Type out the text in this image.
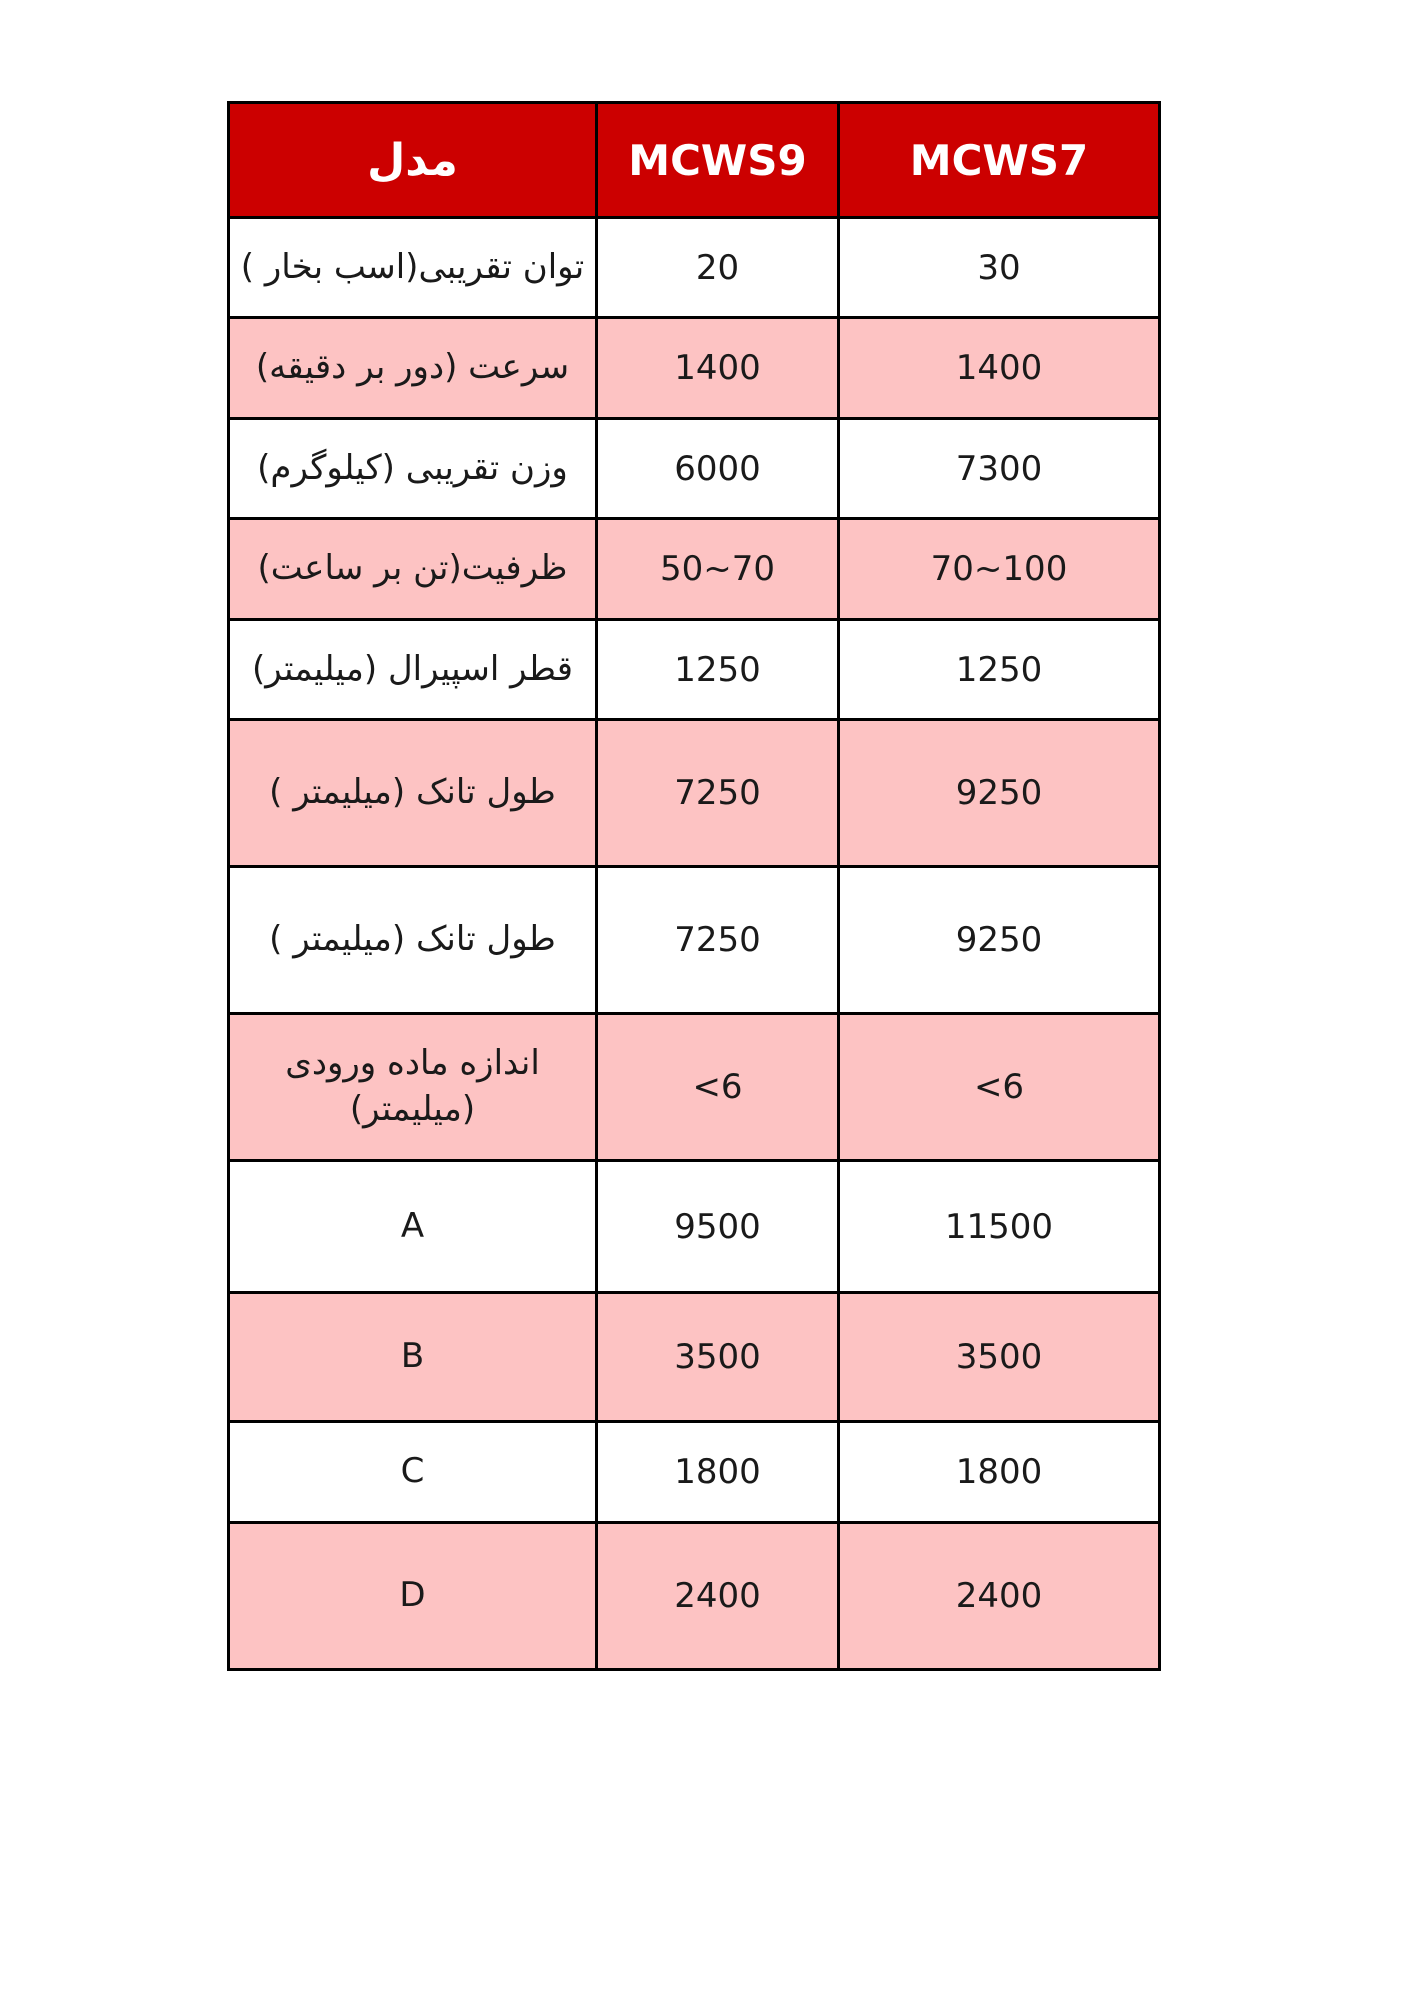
مدل	MCWS9	MCWS7
توان تقریبی(اسب بخار )	20	30
سرعت (دور بر دقیقه)	1400	1400
وزن تقریبی (کیلوگرم)	6000	7300
ظرفیت(تن بر ساعت)	50~70	70~100
قطر اسپیرال (میلیمتر)	1250	1250
طول تانک (میلیمتر )	7250	9250
طول تانک (میلیمتر )	7250	9250
اندازه ماده ورودی (میلیمتر)	<6	<6
A	9500	11500
B	3500	3500
C	1800	1800
D	2400	2400
